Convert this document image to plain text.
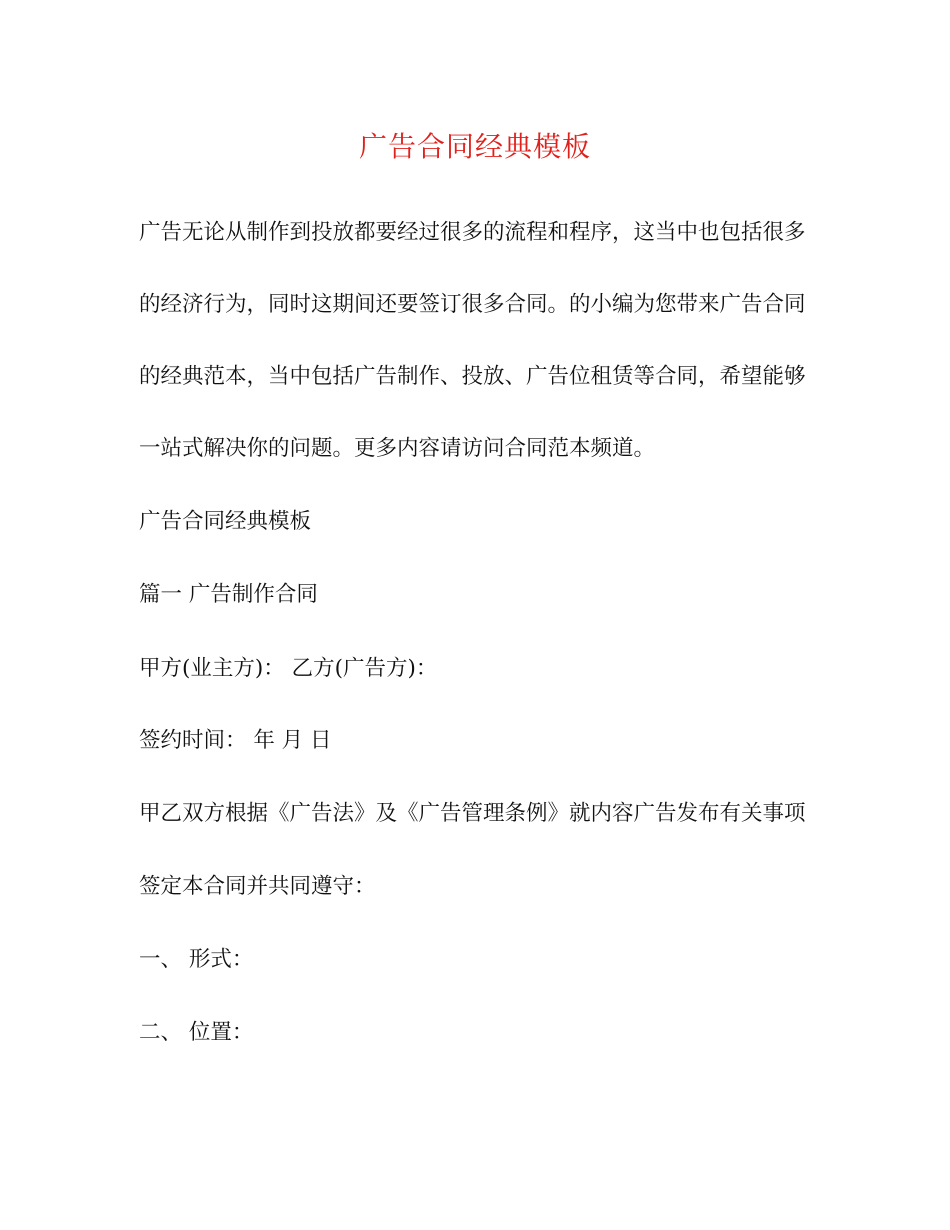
广告合同经典模板

广告无论从制作到投放都要经过很多的流程和程序，这当中也包括很多

的经济行为，同时这期间还要签订很多合同。的小编为您带来广告合同

的经典范本，当中包括广告制作、投放、广告位租赁等合同，希望能够

一站式解决你的问题。更多内容请访问合同范本频道。

广告合同经典模板

篇一 广告制作合同

甲方(业主方)： 乙方(广告方)：

签约时间： 年 月 日

甲乙双方根据《广告法》及《广告管理条例》就内容广告发布有关事项

签定本合同并共同遵守：

一、 形式：

二、 位置：
